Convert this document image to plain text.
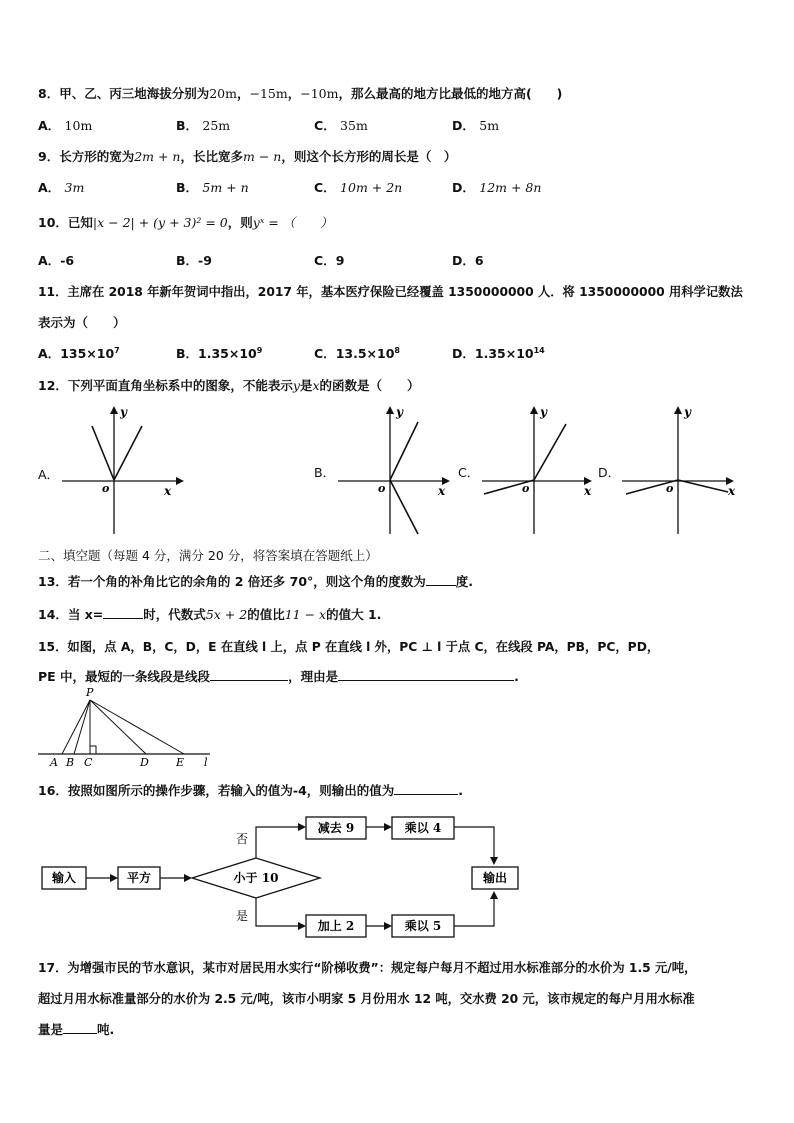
8．甲、乙、丙三地海拔分别为20m，−15m，−10m，那么最高的地方比最低的地方高(　　)
A． 10m	B． 25m	C． 35m	D． 5m
9．长方形的宽为2m + n，长比宽多m − n，则这个长方形的周长是（　）
A． 3m	B． 5m + n	C． 10m + 2n	D． 12m + 8n
10．已知|x − 2| + (y + 3)² = 0，则yˣ = （　　）
A．-6	B．-9	C．9	D．6
11．主席在 2018 年新年贺词中指出，2017 年，基本医疗保险已经覆盖 1350000000 人．将 1350000000 用科学记数法
表示为（　　）
A．$135\times 10^7$	B．$1.35\times 10^9$	C．$13.5\times 10^8$	D．$1.35\times 10^{14}$
12．下列平面直角坐标系中的图象，不能表示y是x的函数是（　　）
A．	B．	C．	D．
y
x
o
y
x
o
y
x
o
y
x
o
二、填空题（每题 4 分，满分 20 分，将答案填在答题纸上）
13．若一个角的补角比它的余角的 2 倍还多 70°，则这个角的度数为 度.
14．当 x=	时，代数式5x + 2的值比11 − x的值大 1.
15．如图，点 A，B，C，D，E 在直线 l 上，点 P 在直线 l 外，PC ⊥ l 于点 C，在线段 PA，PB，PC，PD，
PE 中，最短的一条线段是线段	，理由是	.
P
A B C	D E l
16．按照如图所示的操作步骤，若输入的值为-4，则输出的值为	.
输入	平方	小于 10
否
是
减去 9	乘以 4
加上 2	乘以 5
输出
17．为增强市民的节水意识，某市对居民用水实行“阶梯收费”：规定每户每月不超过用水标准部分的水价为 1.5 元/吨，
超过月用水标准量部分的水价为 2.5 元/吨，该市小明家 5 月份用水 12 吨，交水费 20 元，该市规定的每户月用水标准
量是	吨.
